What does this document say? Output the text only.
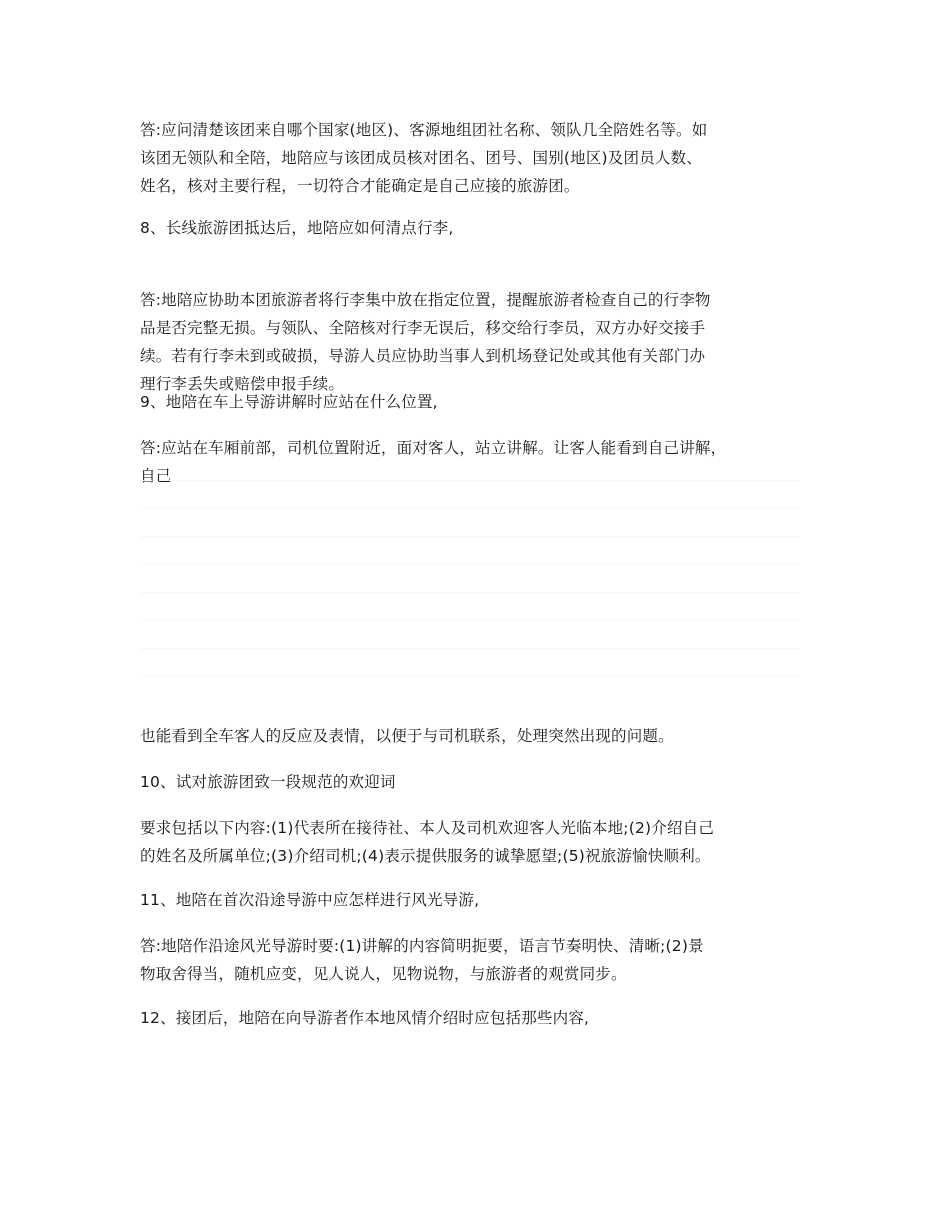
答:应问清楚该团来自哪个国家(地区)、客源地组团社名称、领队几全陪姓名等。如
该团无领队和全陪，地陪应与该团成员核对团名、团号、国别(地区)及团员人数、
姓名，核对主要行程，一切符合才能确定是自己应接的旅游团。
8、长线旅游团抵达后，地陪应如何清点行李,
答:地陪应协助本团旅游者将行李集中放在指定位置，提醒旅游者检查自己的行李物
品是否完整无损。与领队、全陪核对行李无误后，移交给行李员，双方办好交接手
续。若有行李未到或破损，导游人员应协助当事人到机场登记处或其他有关部门办
理行李丢失或赔偿申报手续。
9、地陪在车上导游讲解时应站在什么位置,
答:应站在车厢前部，司机位置附近，面对客人，站立讲解。让客人能看到自己讲解，
自己
也能看到全车客人的反应及表情，以便于与司机联系，处理突然出现的问题。
10、试对旅游团致一段规范的欢迎词
要求包括以下内容:(1)代表所在接待社、本人及司机欢迎客人光临本地;(2)介绍自己
的姓名及所属单位;(3)介绍司机;(4)表示提供服务的诚挚愿望;(5)祝旅游愉快顺利。
11、地陪在首次沿途导游中应怎样进行风光导游,
答:地陪作沿途风光导游时要:(1)讲解的内容简明扼要，语言节奏明快、清晰;(2)景
物取舍得当，随机应变，见人说人，见物说物，与旅游者的观赏同步。
12、接团后，地陪在向导游者作本地风情介绍时应包括那些内容,
